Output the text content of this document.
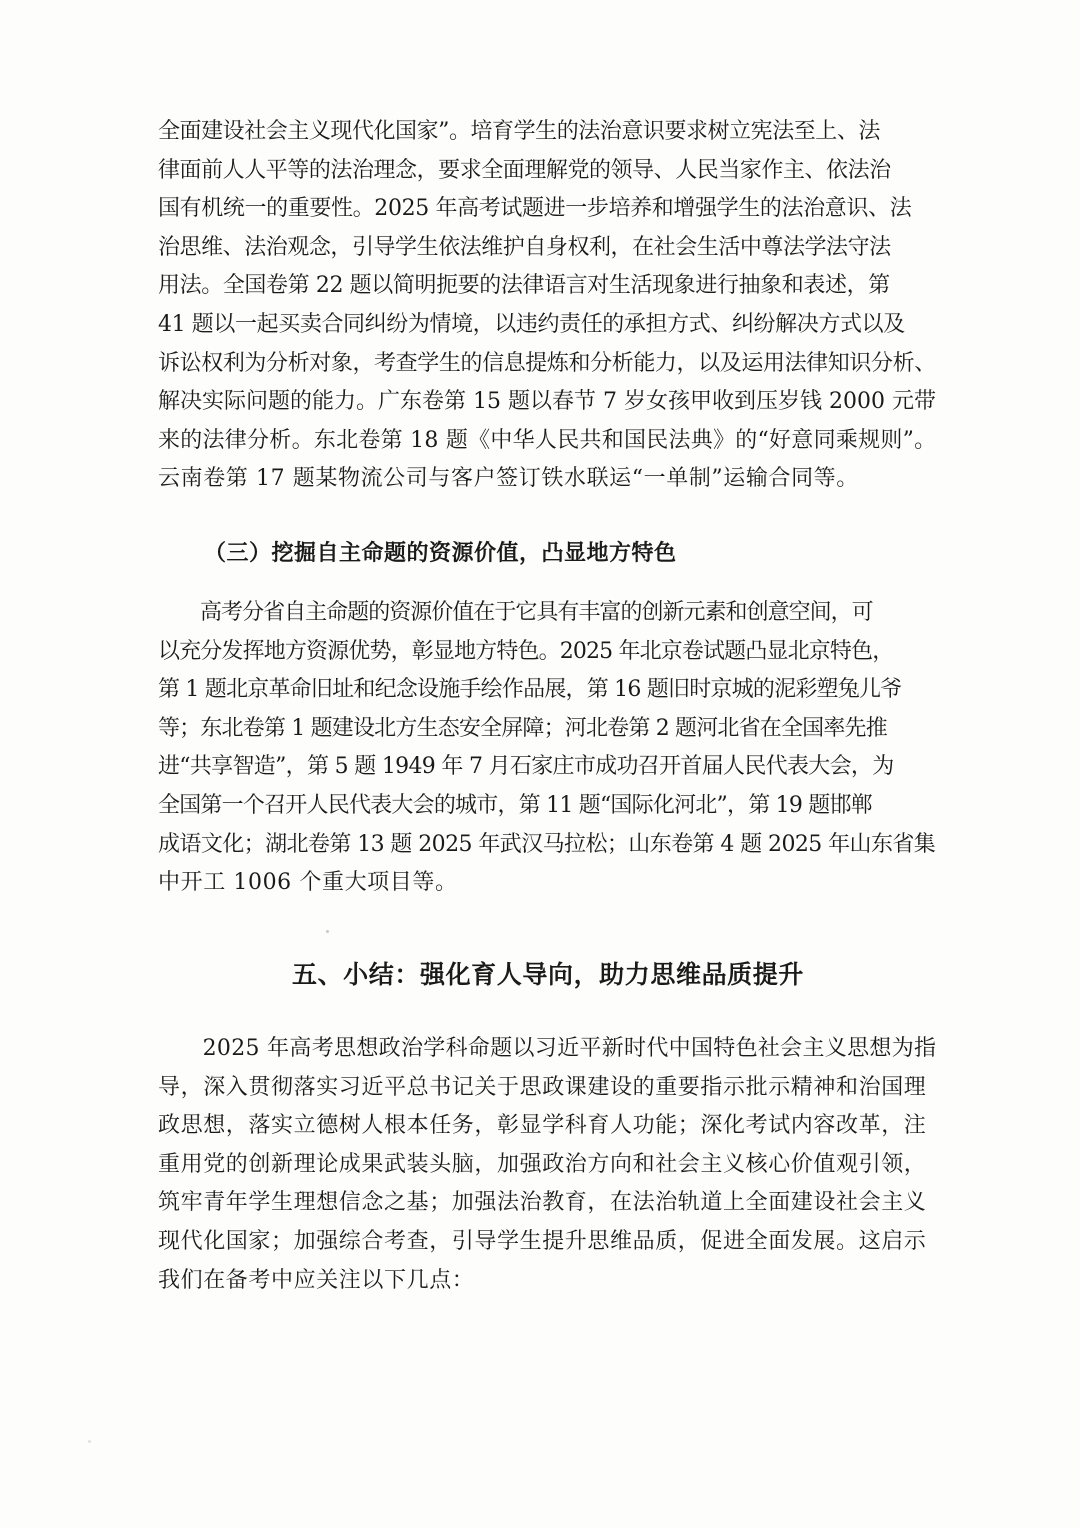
全面建设社会主义现代化国家”。培育学生的法治意识要求树立宪法至上、法
律面前人人平等的法治理念，要求全面理解党的领导、人民当家作主、依法治
国有机统一的重要性。2025 年高考试题进一步培养和增强学生的法治意识、法
治思维、法治观念，引导学生依法维护自身权利，在社会生活中尊法学法守法
用法。全国卷第 22 题以简明扼要的法律语言对生活现象进行抽象和表述，第
41 题以一起买卖合同纠纷为情境，以违约责任的承担方式、纠纷解决方式以及
诉讼权利为分析对象，考查学生的信息提炼和分析能力，以及运用法律知识分析、
解决实际问题的能力。广东卷第 15 题以春节 7 岁女孩甲收到压岁钱 2000 元带
来的法律分析。东北卷第 18 题《中华人民共和国民法典》的“好意同乘规则”。
云南卷第 17 题某物流公司与客户签订铁水联运“一单制”运输合同等。
（三）挖掘自主命题的资源价值，凸显地方特色
　　高考分省自主命题的资源价值在于它具有丰富的创新元素和创意空间，可
以充分发挥地方资源优势，彰显地方特色。2025 年北京卷试题凸显北京特色，
第 1 题北京革命旧址和纪念设施手绘作品展，第 16 题旧时京城的泥彩塑兔儿爷
等；东北卷第 1 题建设北方生态安全屏障；河北卷第 2 题河北省在全国率先推
进“共享智造”，第 5 题 1949 年 7 月石家庄市成功召开首届人民代表大会，为
全国第一个召开人民代表大会的城市，第 11 题“国际化河北”，第 19 题邯郸
成语文化；湖北卷第 13 题 2025 年武汉马拉松；山东卷第 4 题 2025 年山东省集
中开工 1006 个重大项目等。
五、小结：强化育人导向，助力思维品质提升
　　2025 年高考思想政治学科命题以习近平新时代中国特色社会主义思想为指
导，深入贯彻落实习近平总书记关于思政课建设的重要指示批示精神和治国理
政思想，落实立德树人根本任务，彰显学科育人功能；深化考试内容改革，注
重用党的创新理论成果武装头脑，加强政治方向和社会主义核心价值观引领，
筑牢青年学生理想信念之基；加强法治教育，在法治轨道上全面建设社会主义
现代化国家；加强综合考查，引导学生提升思维品质，促进全面发展。这启示
我们在备考中应关注以下几点：
